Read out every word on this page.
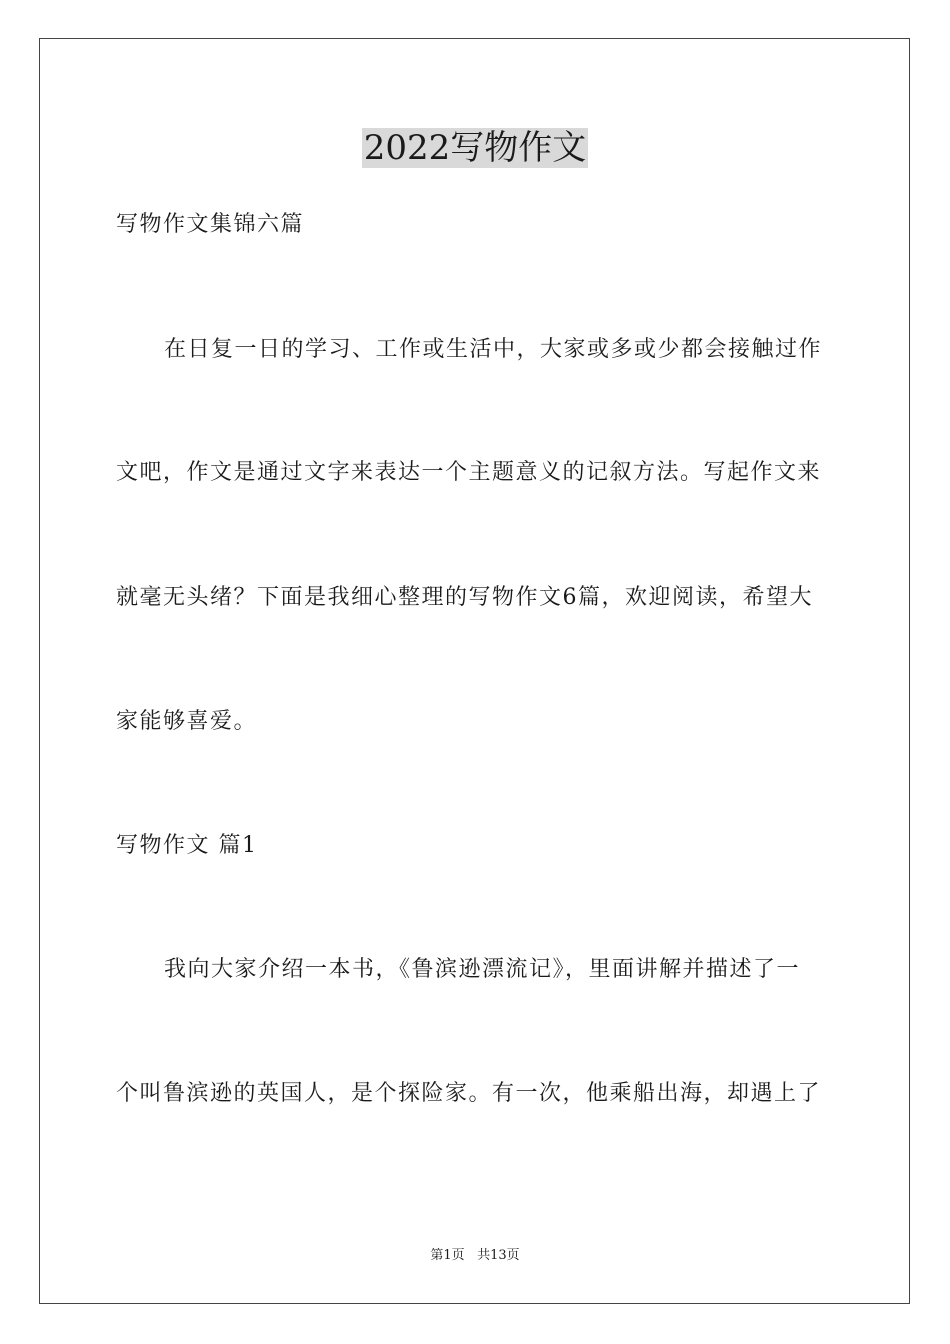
2022写物作文
写物作文集锦六篇
在日复一日的学习、工作或生活中，大家或多或少都会接触过作
文吧，作文是通过文字来表达一个主题意义的记叙方法。写起作文来
就毫无头绪？下面是我细心整理的写物作文6篇，欢迎阅读，希望大
家能够喜爱。
写物作文 篇1
我向大家介绍一本书，《鲁滨逊漂流记》，里面讲解并描述了一
个叫鲁滨逊的英国人，是个探险家。有一次，他乘船出海，却遇上了
第1页 共13页
